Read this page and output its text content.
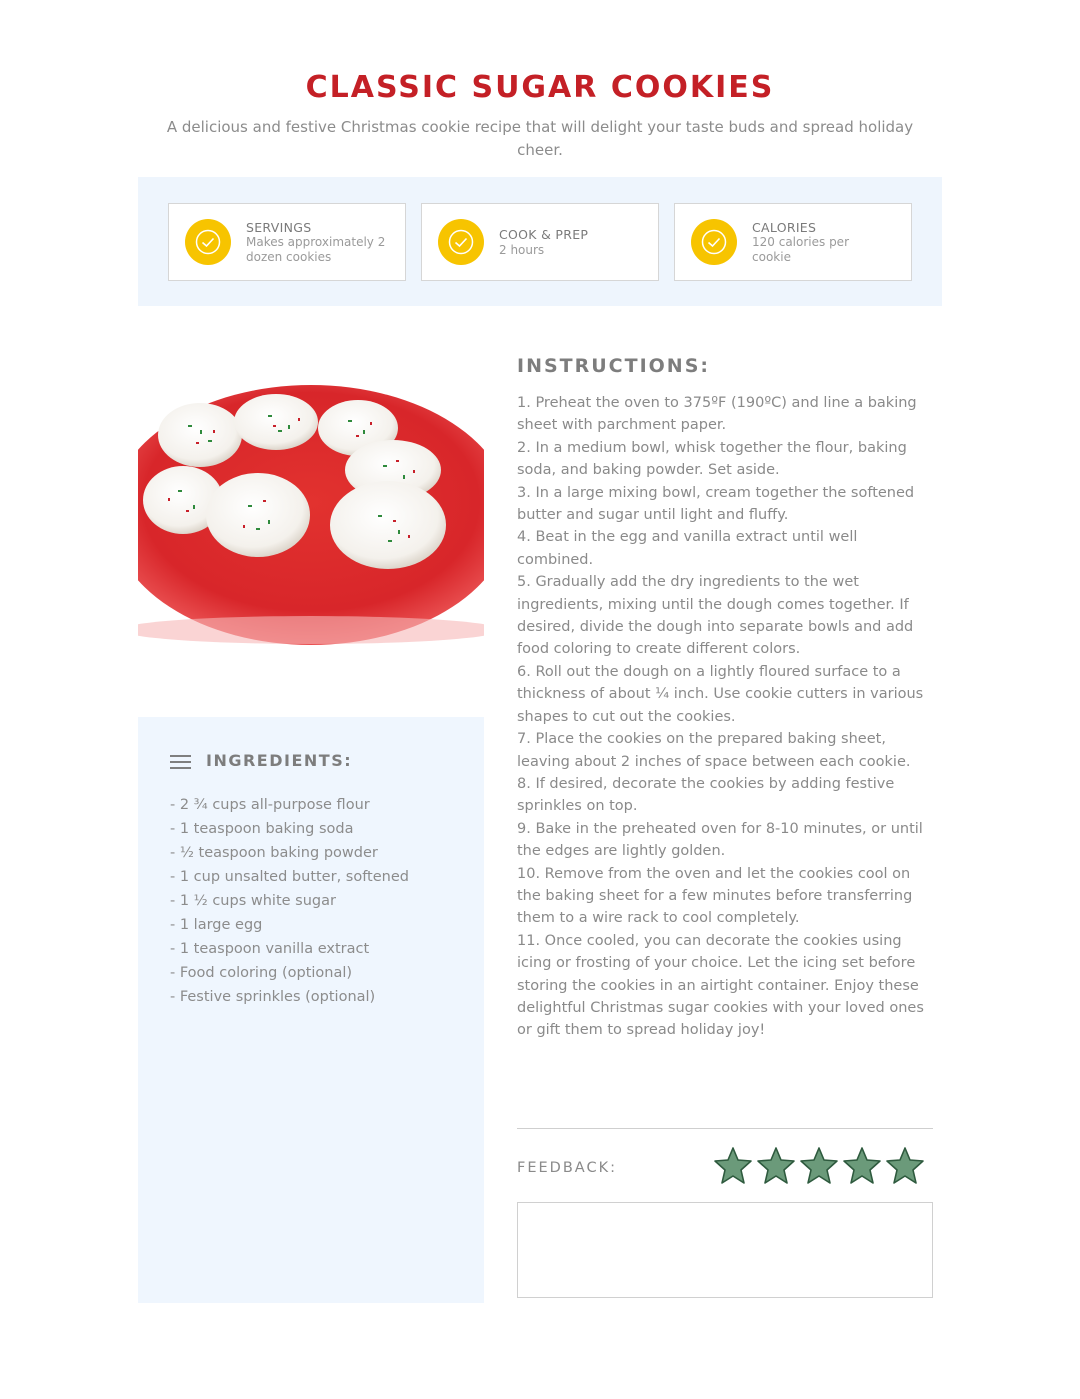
CLASSIC SUGAR COOKIES
A delicious and festive Christmas cookie recipe that will delight your taste buds and spread holiday cheer.
SERVINGS
Makes approximately 2 dozen cookies
COOK & PREP
2 hours
CALORIES
120 calories per cookie
INGREDIENTS:
- 2 ¾ cups all-purpose flour
- 1 teaspoon baking soda
- ½ teaspoon baking powder
- 1 cup unsalted butter, softened
- 1 ½ cups white sugar
- 1 large egg
- 1 teaspoon vanilla extract
- Food coloring (optional)
- Festive sprinkles (optional)
INSTRUCTIONS:

1. Preheat the oven to 375ºF (190ºC) and line a baking sheet with parchment paper.

2. In a medium bowl, whisk together the flour, baking soda, and baking powder. Set aside.

3. In a large mixing bowl, cream together the softened butter and sugar until light and fluffy.

4. Beat in the egg and vanilla extract until well combined.

5. Gradually add the dry ingredients to the wet ingredients, mixing until the dough comes together. If desired, divide the dough into separate bowls and add food coloring to create different colors.

6. Roll out the dough on a lightly floured surface to a thickness of about ¼ inch. Use cookie cutters in various shapes to cut out the cookies.

7. Place the cookies on the prepared baking sheet, leaving about 2 inches of space between each cookie.

8. If desired, decorate the cookies by adding festive sprinkles on top.

9. Bake in the preheated oven for 8-10 minutes, or until the edges are lightly golden.

10. Remove from the oven and let the cookies cool on the baking sheet for a few minutes before transferring them to a wire rack to cool completely.

11. Once cooled, you can decorate the cookies using icing or frosting of your choice. Let the icing set before storing the cookies in an airtight container. Enjoy these delightful Christmas sugar cookies with your loved ones or gift them to spread holiday joy!

FEEDBACK:
